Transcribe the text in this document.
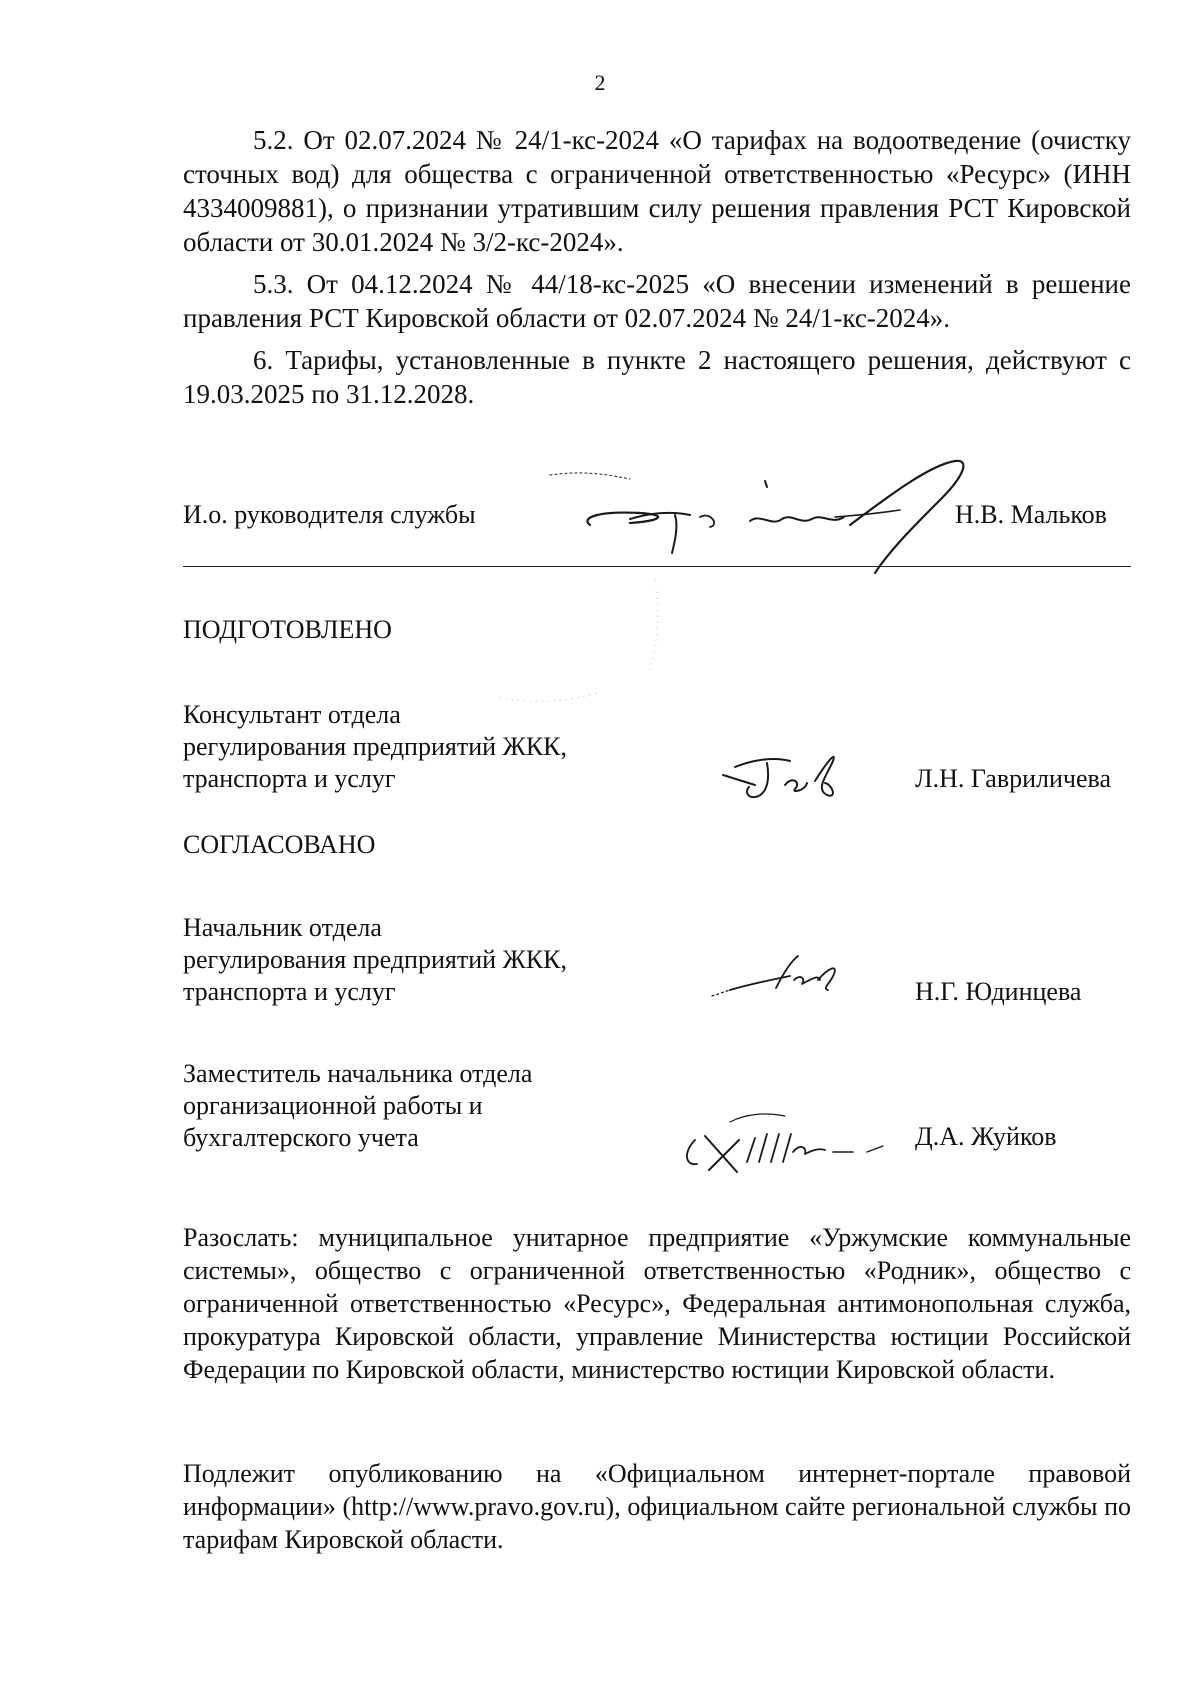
2
5.2. От 02.07.2024 № 24/1-кс-2024 «О тарифах на водоотведение (очистку сточных вод) для общества с ограниченной ответственностью «Ресурс» (ИНН 4334009881), о признании утратившим силу решения правления РСТ Кировской области от 30.01.2024 № 3/2-кс-2024».
5.3. От 04.12.2024 № 44/18-кс-2025 «О внесении изменений в решение правления РСТ Кировской области от 02.07.2024 № 24/1-кс-2024».
6. Тарифы, установленные в пункте 2 настоящего решения, действуют с 19.03.2025 по 31.12.2028.
И.о. руководителя службы	Н.В. Мальков
ПОДГОТОВЛЕНО
Консультант отдела
регулирования предприятий ЖКК,
транспорта и услуг	Л.Н. Гавриличева
СОГЛАСОВАНО
Начальник отдела
регулирования предприятий ЖКК,
транспорта и услуг	Н.Г. Юдинцева
Заместитель начальника отдела
организационной работы и
бухгалтерского учета	Д.А. Жуйков
Разослать: муниципальное унитарное предприятие «Уржумские коммунальные системы», общество с ограниченной ответственностью «Родник», общество с ограниченной ответственностью «Ресурс», Федеральная антимонопольная служба, прокуратура Кировской области, управление Министерства юстиции Российской Федерации по Кировской области, министерство юстиции Кировской области.
Подлежит опубликованию на «Официальном интернет-портале правовой информации» (http://www.pravo.gov.ru), официальном сайте региональной службы по тарифам Кировской области.
